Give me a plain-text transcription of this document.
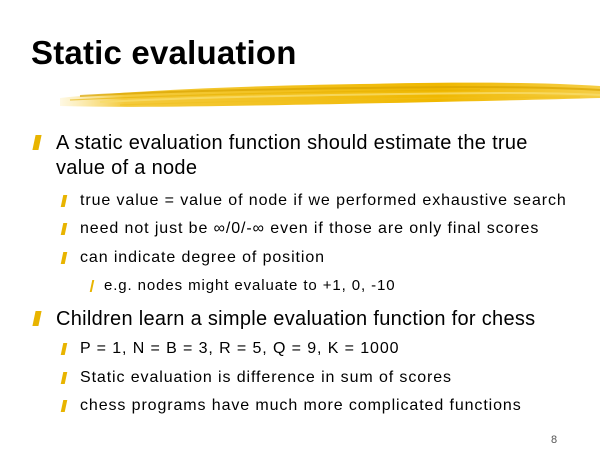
Static evaluation
A static evaluation function should estimate the true
value of a node
true value = value of node if we performed exhaustive search
need not just be ∞/0/-∞ even if those are only final scores
can indicate degree of position
e.g. nodes might evaluate to +1, 0, -10
Children learn a simple evaluation function for chess
P = 1, N = B = 3, R = 5, Q = 9, K = 1000
Static evaluation is difference in sum of scores
chess programs have much more complicated functions
8
